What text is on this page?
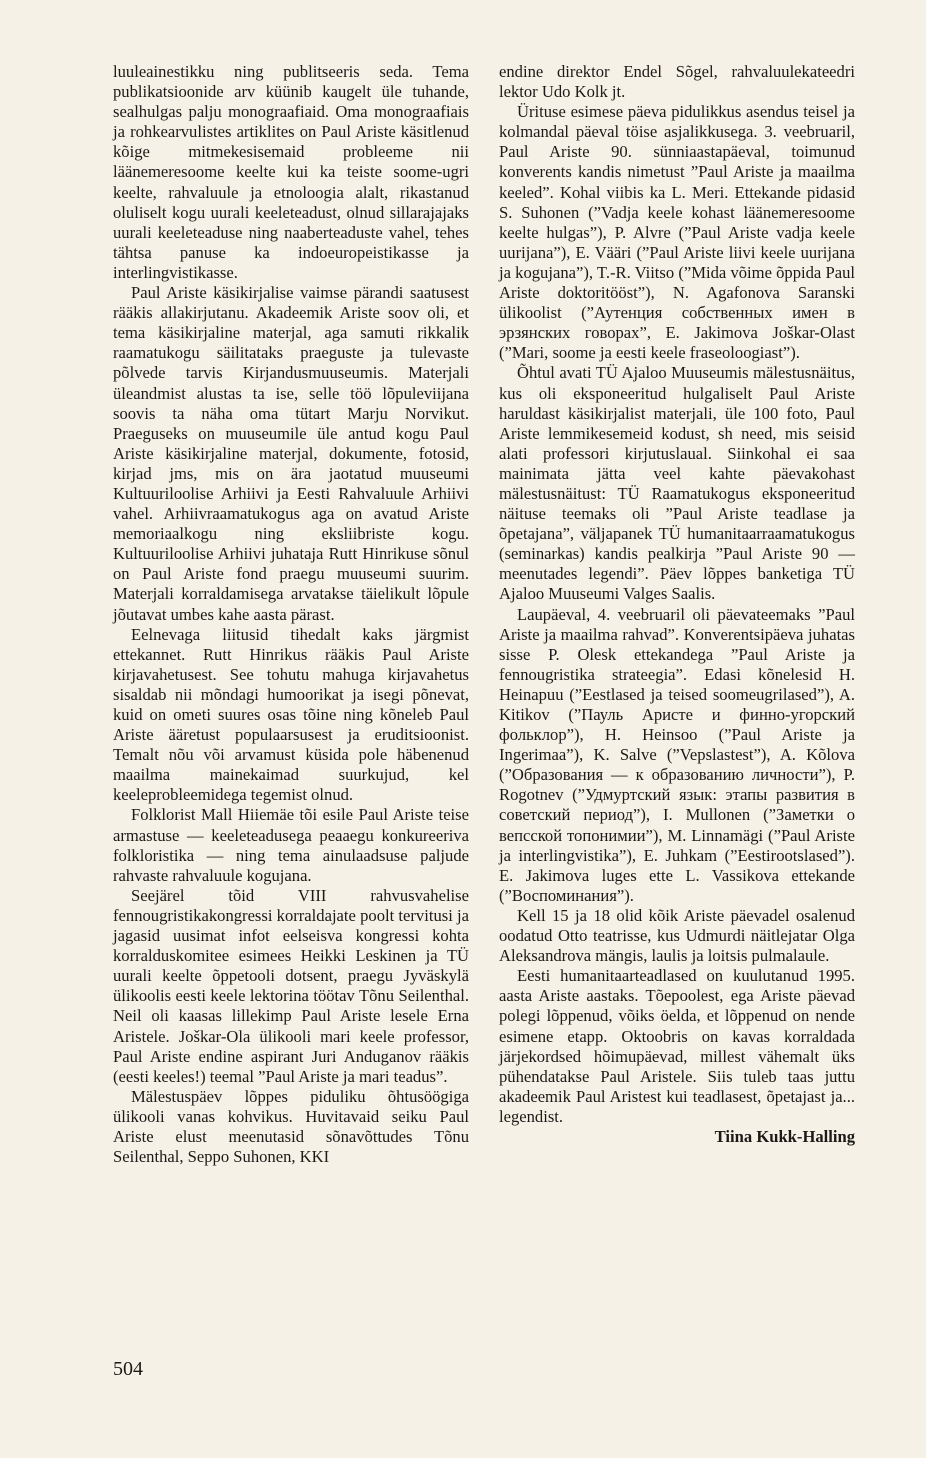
luuleainestikku ning publitseeris seda. Tema publikatsioonide arv küünib kaugelt üle tuhande, sealhulgas palju monograafiaid. Oma monograafiais ja rohkearvulistes artiklites on Paul Ariste käsitlenud kõige mitmekesisemaid probleeme nii läänemeresoome keelte kui ka teiste soome-ugri keelte, rahvaluule ja etnoloogia alalt, rikastanud oluliselt kogu uurali keeleteadust, olnud sillarajajaks uurali keeleteaduse ning naaberteaduste vahel, tehes tähtsa panuse ka indoeuropeistikasse ja interlingvistikasse.

Paul Ariste käsikirjalise vaimse pärandi saatusest rääkis allakirjutanu. Akadeemik Ariste soov oli, et tema käsikirjaline materjal, aga samuti rikkalik raamatukogu säilitataks praeguste ja tulevaste põlvede tarvis Kirjandusmuuseumis. Materjali üleandmist alustas ta ise, selle töö lõpuleviijana soovis ta näha oma tütart Marju Norvikut. Praeguseks on muuseumile üle antud kogu Paul Ariste käsikirjaline materjal, dokumente, fotosid, kirjad jms, mis on ära jaotatud muuseumi Kultuuriloolise Arhiivi ja Eesti Rahvaluule Arhiivi vahel. Arhiivraamatukogus aga on avatud Ariste memoriaalkogu ning eksliibriste kogu. Kultuuriloolise Arhiivi juhataja Rutt Hinrikuse sõnul on Paul Ariste fond praegu muuseumi suurim. Materjali korraldamisega arvatakse täielikult lõpule jõutavat umbes kahe aasta pärast.

Eelnevaga liitusid tihedalt kaks järgmist ettekannet. Rutt Hinrikus rääkis Paul Ariste kirjavahetusest. See tohutu mahuga kirjavahetus sisaldab nii mõndagi humoorikat ja isegi põnevat, kuid on ometi suures osas tõine ning kõneleb Paul Ariste ääretust populaarsusest ja eruditsioonist. Temalt nõu või arvamust küsida pole häbenenud maailma mainekaimad suurkujud, kel keeleprobleemidega tegemist olnud.

Folklorist Mall Hiiemäe tõi esile Paul Ariste teise armastuse — keeleteadusega peaaegu konkureeriva folkloristika — ning tema ainulaadsuse paljude rahvaste rahvaluule kogujana.

Seejärel tõid VIII rahvusvahelise fennougristikakongressi korraldajate poolt tervitusi ja jagasid uusimat infot eelseisva kongressi kohta korralduskomitee esimees Heikki Leskinen ja TÜ uurali keelte õppetooli dotsent, praegu Jyväskylä ülikoolis eesti keele lektorina töötav Tõnu Seilenthal. Neil oli kaasas lillekimp Paul Ariste lesele Erna Aristele. Joškar-Ola ülikooli mari keele professor, Paul Ariste endine aspirant Juri Anduganov rääkis (eesti keeles!) teemal ”Paul Ariste ja mari teadus”.

Mälestuspäev lõppes piduliku õhtusöögiga ülikooli vanas kohvikus. Huvitavaid seiku Paul Ariste elust meenutasid sõnavõttudes Tõnu Seilenthal, Seppo Suhonen, KKI

endine direktor Endel Sõgel, rahvaluulekateedri lektor Udo Kolk jt.

Ürituse esimese päeva pidulikkus asendus teisel ja kolmandal päeval töise asjalikkusega. 3. veebruaril, Paul Ariste 90. sünniaastapäeval, toimunud konverents kandis nimetust ”Paul Ariste ja maailma keeled”. Kohal viibis ka L. Meri. Ettekande pidasid S. Suhonen (”Vadja keele kohast läänemeresoome keelte hulgas”), P. Alvre (”Paul Ariste vadja keele uurijana”), E. Vääri (”Paul Ariste liivi keele uurijana ja kogujana”), T.-R. Viitso (”Mida võime õppida Paul Ariste doktoritööst”), N. Agafonova Saranski ülikoolist (”Аутенция собственных имен в эрзянских говорах”, E. Jakimova Joškar-Olast (”Mari, soome ja eesti keele fraseoloogiast”).

Õhtul avati TÜ Ajaloo Muuseumis mälestusnäitus, kus oli eksponeeritud hulgaliselt Paul Ariste haruldast käsikirjalist materjali, üle 100 foto, Paul Ariste lemmikesemeid kodust, sh need, mis seisid alati professori kirjutuslaual. Siinkohal ei saa mainimata jätta veel kahte päevakohast mälestusnäitust: TÜ Raamatukogus eksponeeritud näituse teemaks oli ”Paul Ariste teadlase ja õpetajana”, väljapanek TÜ humanitaarraamatukogus (seminarkas) kandis pealkirja ”Paul Ariste 90 — meenutades legendi”. Päev lõppes banketiga TÜ Ajaloo Muuseumi Valges Saalis.

Laupäeval, 4. veebruaril oli päevateemaks ”Paul Ariste ja maailma rahvad”. Konverentsipäeva juhatas sisse P. Olesk ettekandega ”Paul Ariste ja fennougristika strateegia”. Edasi kõnelesid H. Heinapuu (”Eestlased ja teised soomeugrilased”), A. Kitikov (”Пауль Аристе и финно-угорский фольклор”), H. Heinsoo (”Paul Ariste ja Ingerimaa”), K. Salve (”Vepslastest”), A. Kõlova (”Образования — к образованию личности”), P. Rogotnev (”Удмуртский язык: этапы развития в советский период”), I. Mullonen (”Заметки о вепсской топонимии”), M. Linnamägi (”Paul Ariste ja interlingvistika”), E. Juhkam (”Eestirootslased”). E. Jakimova luges ette L. Vassikova ettekande (”Воспоминания”).

Kell 15 ja 18 olid kõik Ariste päevadel osalenud oodatud Otto teatrisse, kus Udmurdi näitlejatar Olga Aleksandrova mängis, laulis ja loitsis pulmalaule.

Eesti humanitaarteadlased on kuulutanud 1995. aasta Ariste aastaks. Tõepoolest, ega Ariste päevad polegi lõppenud, võiks öelda, et lõppenud on nende esimene etapp. Oktoobris on kavas korraldada järjekordsed hõimupäevad, millest vähemalt üks pühendatakse Paul Aristele. Siis tuleb taas juttu akadeemik Paul Aristest kui teadlasest, õpetajast ja... legendist.

Tiina Kukk-Halling

504
